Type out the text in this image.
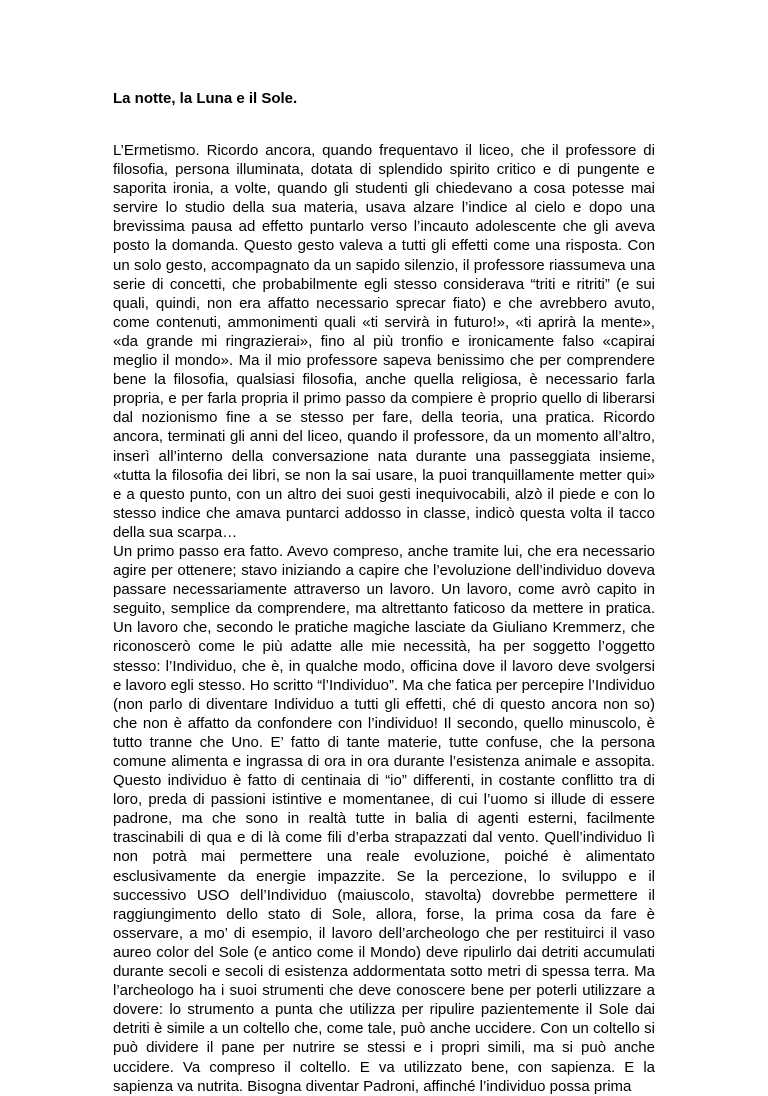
La notte, la Luna e il Sole.

L’Ermetismo. Ricordo ancora, quando frequentavo il liceo, che il professore di filosofia, persona illuminata, dotata di splendido spirito critico e di pungente e saporita ironia, a volte, quando gli studenti gli chiedevano a cosa potesse mai servire lo studio della sua materia, usava alzare l’indice al cielo e dopo una brevissima pausa ad effetto puntarlo verso l’incauto adolescente che gli aveva posto la domanda. Questo gesto valeva a tutti gli effetti come una risposta. Con un solo gesto, accompagnato da un sapido silenzio, il professore riassumeva una serie di concetti, che probabilmente egli stesso considerava “triti e ritriti” (e sui quali, quindi, non era affatto necessario sprecar fiato) e che avrebbero avuto, come contenuti, ammonimenti quali «ti servirà in futuro!», «ti aprirà la mente», «da grande mi ringrazierai», fino al più tronfio e ironicamente falso «capirai meglio il mondo». Ma il mio professore sapeva benissimo che per comprendere bene la filosofia, qualsiasi filosofia, anche quella religiosa, è necessario farla propria, e per farla propria il primo passo da compiere è proprio quello di liberarsi dal nozionismo fine a se stesso per fare, della teoria, una pratica. Ricordo ancora, terminati gli anni del liceo, quando il professore, da un momento all’altro, inserì all’interno della conversazione nata durante una passeggiata insieme, «tutta la filosofia dei libri, se non la sai usare, la puoi tranquillamente metter qui» e a questo punto, con un altro dei suoi gesti inequivocabili, alzò il piede e con lo stesso indice che amava puntarci addosso in classe, indicò questa volta il tacco della sua scarpa…

Un primo passo era fatto. Avevo compreso, anche tramite lui, che era necessario agire per ottenere; stavo iniziando a capire che l’evoluzione dell’individuo doveva passare necessariamente attraverso un lavoro. Un lavoro, come avrò capito in seguito, semplice da comprendere, ma altrettanto faticoso da mettere in pratica. Un lavoro che, secondo le pratiche magiche lasciate da Giuliano Kremmerz, che riconoscerò come le più adatte alle mie necessità, ha per soggetto l’oggetto stesso: l’Individuo, che è, in qualche modo, officina dove il lavoro deve svolgersi e lavoro egli stesso. Ho scritto “l’Individuo”. Ma che fatica per percepire l’Individuo (non parlo di diventare Individuo a tutti gli effetti, ché di questo ancora non so) che non è affatto da confondere con l’individuo! Il secondo, quello minuscolo, è tutto tranne che Uno. E’ fatto di tante materie, tutte confuse, che la persona comune alimenta e ingrassa di ora in ora durante l’esistenza animale e assopita. Questo individuo è fatto di centinaia di “io” differenti, in costante conflitto tra di loro, preda di passioni istintive e momentanee, di cui l’uomo si illude di essere padrone, ma che sono in realtà tutte in balia di agenti esterni, facilmente trascinabili di qua e di là come fili d’erba strapazzati dal vento. Quell’individuo lì non potrà mai permettere una reale evoluzione, poiché è alimentato esclusivamente da energie impazzite. Se la percezione, lo sviluppo e il successivo USO dell’Individuo (maiuscolo, stavolta) dovrebbe permettere il raggiungimento dello stato di Sole, allora, forse, la prima cosa da fare è osservare, a mo’ di esempio, il lavoro dell’archeologo che per restituirci il vaso aureo color del Sole (e antico come il Mondo) deve ripulirlo dai detriti accumulati durante secoli e secoli di esistenza addormentata sotto metri di spessa terra. Ma l’archeologo ha i suoi strumenti che deve conoscere bene per poterli utilizzare a dovere: lo strumento a punta che utilizza per ripulire pazientemente il Sole dai detriti è simile a un coltello che, come tale, può anche uccidere. Con un coltello si può dividere il pane per nutrire se stessi e i propri simili, ma si può anche uccidere. Va compreso il coltello. E va utilizzato bene, con sapienza. E la sapienza va nutrita. Bisogna diventar Padroni, affinché l’individuo possa prima
